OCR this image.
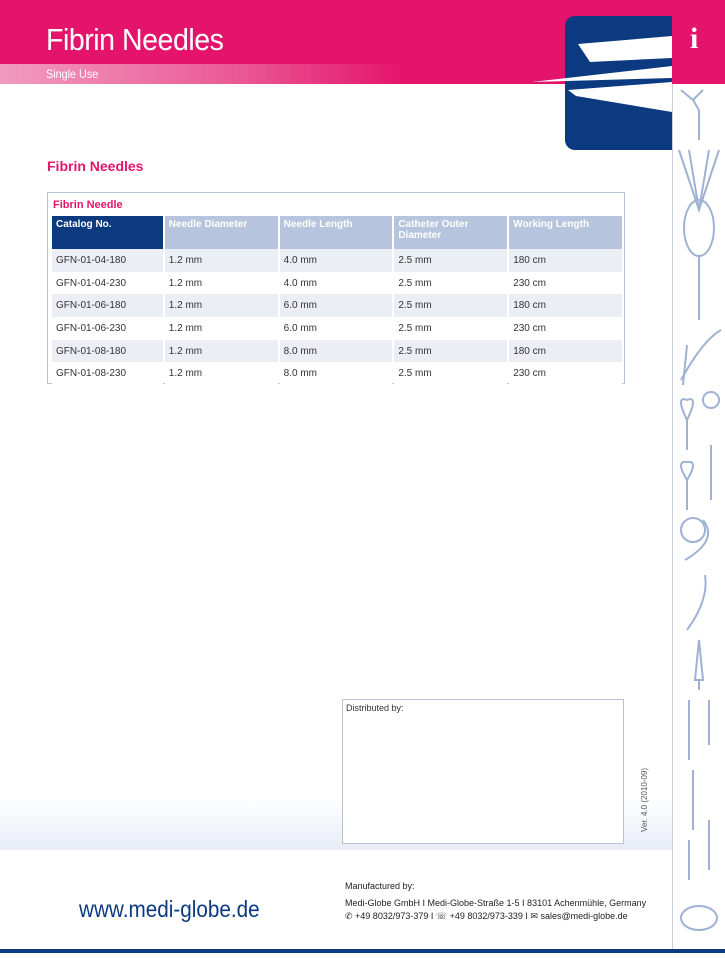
Fibrin Needles
Single Use
i
Fibrin Needles
Fibrin Needle
Catalog No.	Needle Diameter	Needle Length	Catheter Outer Diameter	Working Length
GFN-01-04-180	1.2 mm	4.0 mm	2.5 mm	180 cm
GFN-01-04-230	1.2 mm	4.0 mm	2.5 mm	230 cm
GFN-01-06-180	1.2 mm	6.0 mm	2.5 mm	180 cm
GFN-01-06-230	1.2 mm	6.0 mm	2.5 mm	230 cm
GFN-01-08-180	1.2 mm	8.0 mm	2.5 mm	180 cm
GFN-01-08-230	1.2 mm	8.0 mm	2.5 mm	230 cm
Distributed by:
Ver. 4.0 (2010-09)
www.medi-globe.de
Manufactured by:
Medi-Globe GmbH I Medi-Globe-Straße 1-5 I 83101 Achenmühle, Germany
✆ +49 8032/973-379 I ☏ +49 8032/973-339 I ✉ sales@medi-globe.de
